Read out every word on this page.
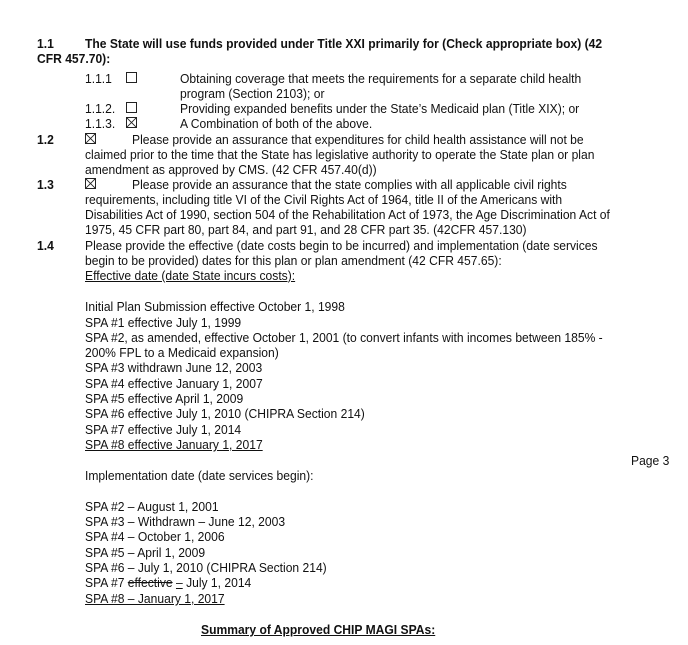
1.1 The State will use funds provided under Title XXI primarily for (Check appropriate box) (42
CFR 457.70):
1.1.1	Obtaining coverage that meets the requirements for a separate child health
program (Section 2103); or
1.1.2.	Providing expanded benefits under the State’s Medicaid plan (Title XIX); or
1.1.3.	A Combination of both of the above.
1.2	Please provide an assurance that expenditures for child health assistance will not be
claimed prior to the time that the State has legislative authority to operate the State plan or plan
amendment as approved by CMS. (42 CFR 457.40(d))
1.3	Please provide an assurance that the state complies with all applicable civil rights
requirements, including title VI of the Civil Rights Act of 1964, title II of the Americans with
Disabilities Act of 1990, section 504 of the Rehabilitation Act of 1973, the Age Discrimination Act of
1975, 45 CFR part 80, part 84, and part 91, and 28 CFR part 35. (42CFR 457.130)
1.4 Please provide the effective (date costs begin to be incurred) and implementation (date services
begin to be provided) dates for this plan or plan amendment (42 CFR 457.65):
Effective date (date State incurs costs):
Initial Plan Submission effective October 1, 1998
SPA #1 effective July 1, 1999
SPA #2, as amended, effective October 1, 2001 (to convert infants with incomes between 185% -
200% FPL to a Medicaid expansion)
SPA #3 withdrawn June 12, 2003
SPA #4 effective January 1, 2007
SPA #5 effective April 1, 2009
SPA #6 effective July 1, 2010 (CHIPRA Section 214)
SPA #7 effective July 1, 2014
SPA #8 effective January 1, 2017
Page 3
Implementation date (date services begin):
SPA #2 – August 1, 2001
SPA #3 – Withdrawn – June 12, 2003
SPA #4 – October 1, 2006
SPA #5 – April 1, 2009
SPA #6 – July 1, 2010 (CHIPRA Section 214)
SPA #7 effective – July 1, 2014
SPA #8 – January 1, 2017
Summary of Approved CHIP MAGI SPAs:
